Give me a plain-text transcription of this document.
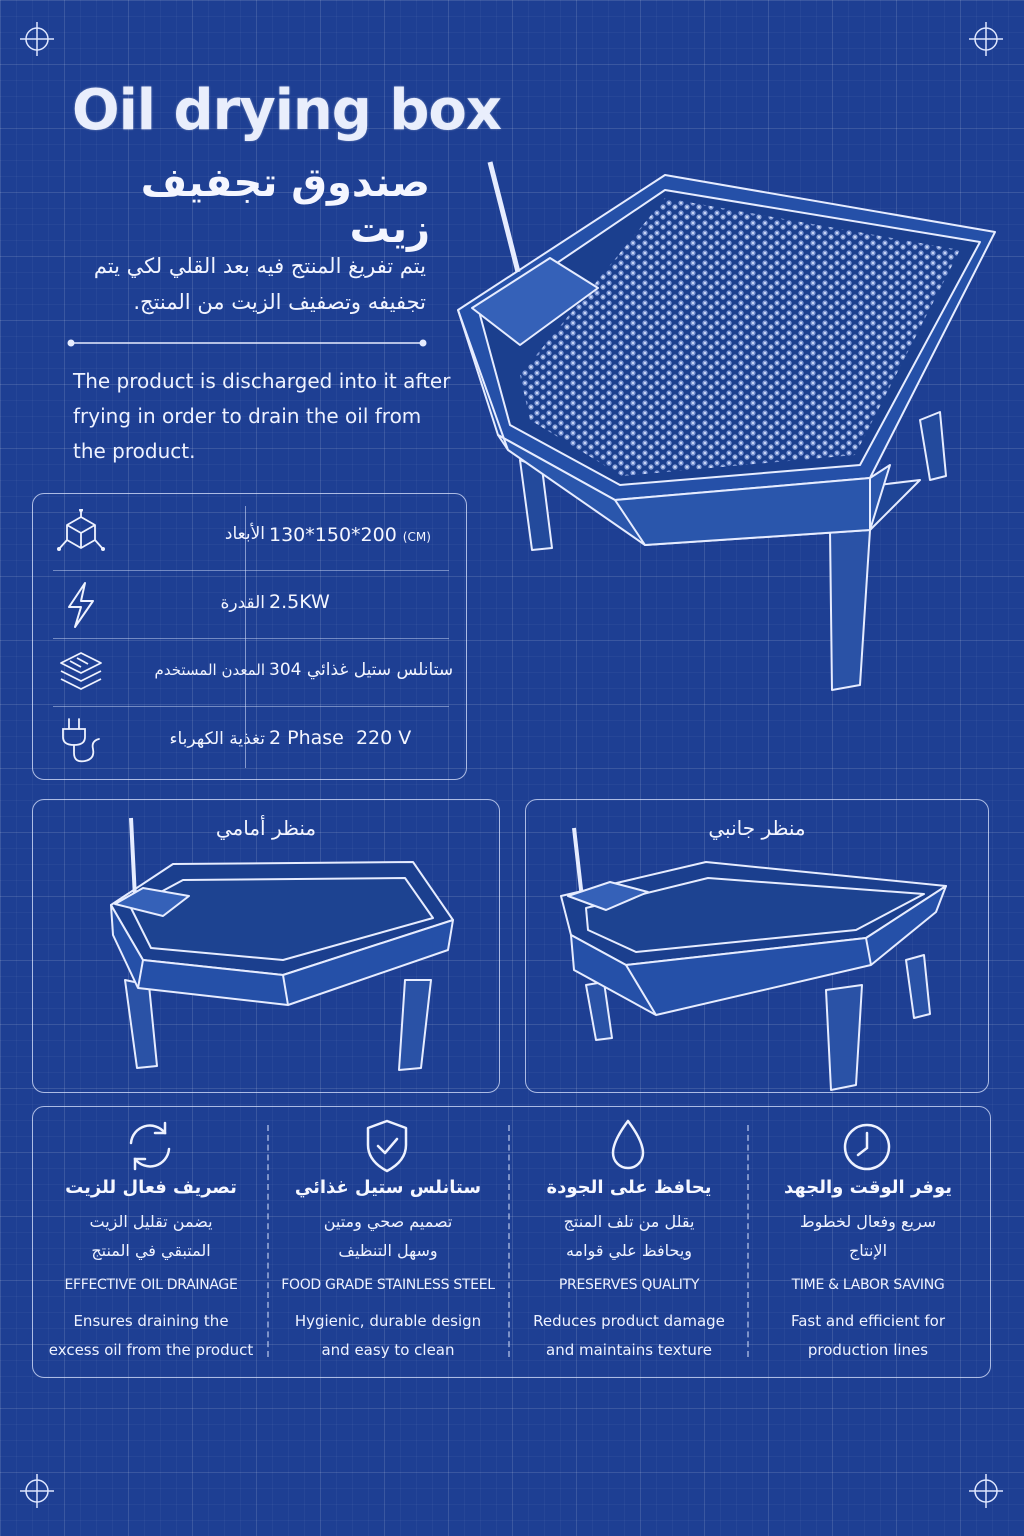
Oil drying box
صندوق تجفيف زيت
يتم تفريغ المنتج فيه بعد القلي لكي يتم
تجفيفه وتصفيف الزيت من المنتج.
The product is discharged into it after
frying in order to drain the oil from
the product.
الأبعاد 130*150*200 (CM)
القدرة 2.5KW
المعدن المستخدم ستانلس ستيل غذائي 304
تغذية الكهرباء 2 Phase  220 V
منظر أمامي	منظر جانبي
تصريف فعال للزيت
يضمن تقليل الزيت
المتبقي في المنتج
EFFECTIVE OIL DRAINAGE
Ensures draining the
excess oil from the product
ستانلس ستيل غذائي
تصميم صحي ومتين
وسهل التنظيف
FOOD GRADE STAINLESS STEEL
Hygienic, durable design
and easy to clean
يحافظ على الجودة
يقلل من تلف المنتج
ويحافظ علي قوامه
PRESERVES QUALITY
Reduces product damage
and maintains texture
يوفر الوقت والجهد
سريع وفعال لخطوط
الإنتاج
TIME & LABOR SAVING
Fast and efficient for
production lines
